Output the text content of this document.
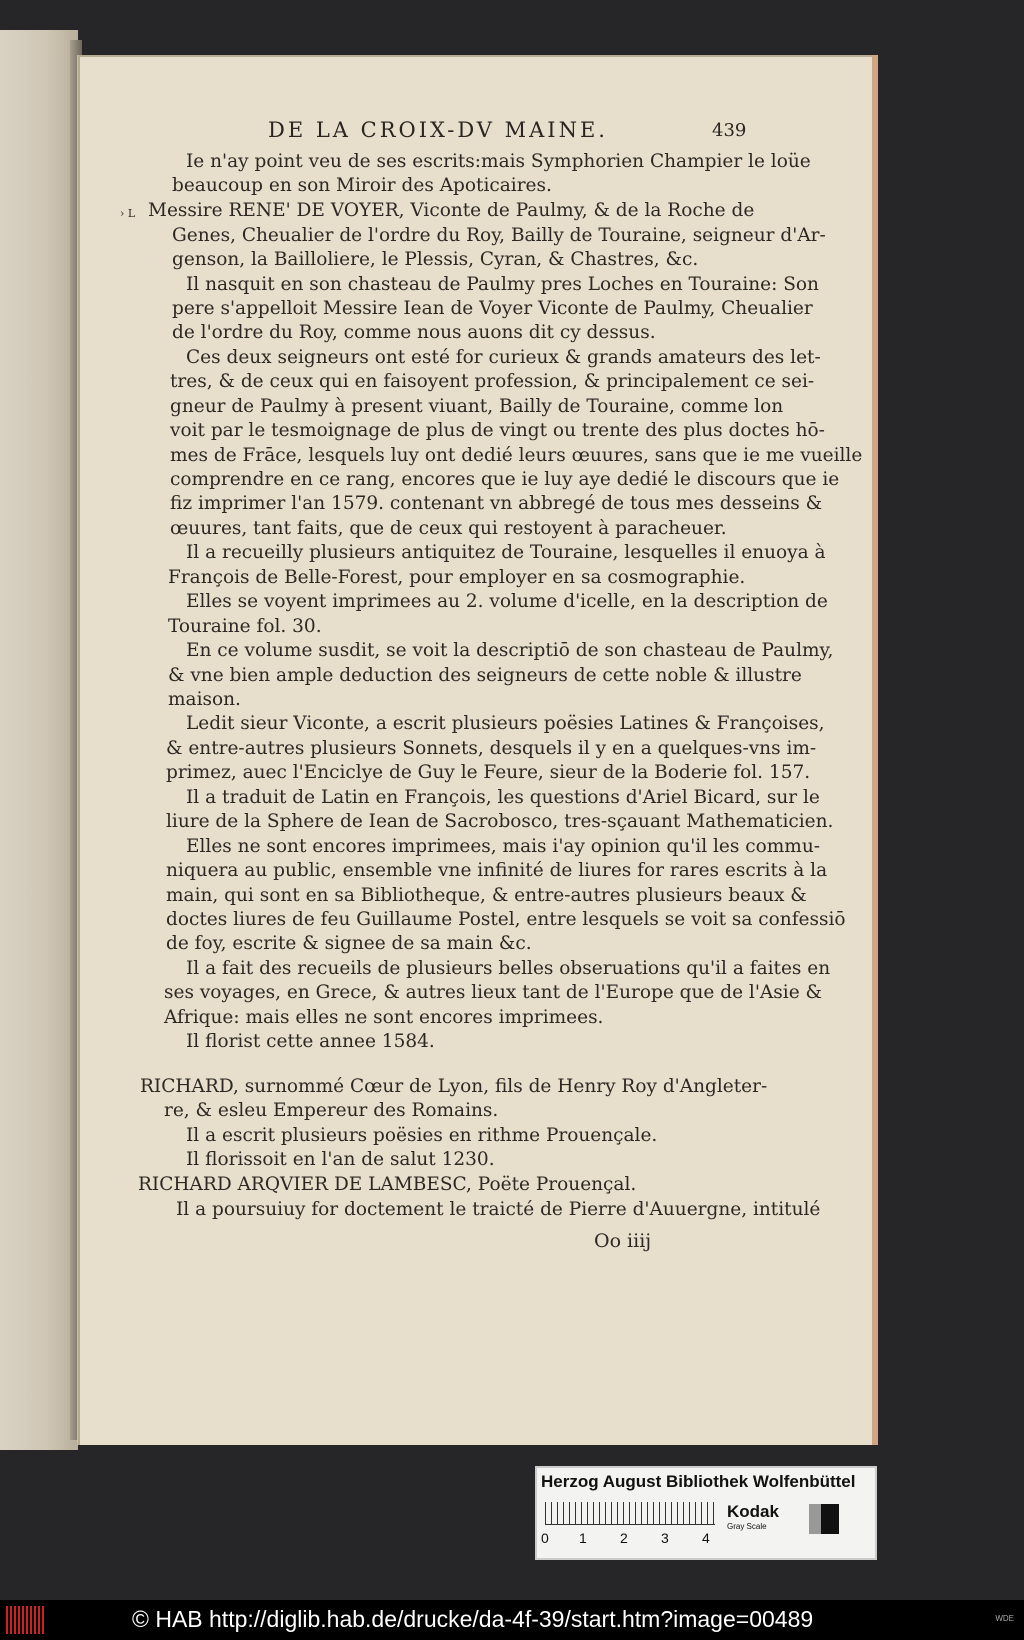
DE LA CROIX-DV MAINE.	439
› L
Ie n'ay point veu de ses escrits:mais Symphorien Champier le loüe
beaucoup en son Miroir des Apoticaires.
Messire RENE' DE VOYER, Viconte de Paulmy, & de la Roche de
Genes, Cheualier de l'ordre du Roy, Bailly de Touraine, seigneur d'Ar-
genson, la Bailloliere, le Plessis, Cyran, & Chastres, &c.
Il nasquit en son chasteau de Paulmy pres Loches en Touraine: Son
pere s'appelloit Messire Iean de Voyer Viconte de Paulmy, Cheualier
de l'ordre du Roy, comme nous auons dit cy dessus.
Ces deux seigneurs ont esté for curieux & grands amateurs des let-
tres, & de ceux qui en faisoyent profession, & principalement ce sei-
gneur de Paulmy à present viuant, Bailly de Touraine, comme lon
voit par le tesmoignage de plus de vingt ou trente des plus doctes hō-
mes de Frāce, lesquels luy ont dedié leurs œuures, sans que ie me vueille
comprendre en ce rang, encores que ie luy aye dedié le discours que ie
fiz imprimer l'an 1579. contenant vn abbregé de tous mes desseins &
œuures, tant faits, que de ceux qui restoyent à paracheuer.
Il a recueilly plusieurs antiquitez de Touraine, lesquelles il enuoya à
François de Belle-Forest, pour employer en sa cosmographie.
Elles se voyent imprimees au 2. volume d'icelle, en la description de
Touraine fol. 30.
En ce volume susdit, se voit la descriptiō de son chasteau de Paulmy,
& vne bien ample deduction des seigneurs de cette noble & illustre
maison.
Ledit sieur Viconte, a escrit plusieurs poësies Latines & Françoises,
& entre-autres plusieurs Sonnets, desquels il y en a quelques-vns im-
primez, auec l'Enciclye de Guy le Feure, sieur de la Boderie fol. 157.
Il a traduit de Latin en François, les questions d'Ariel Bicard, sur le
liure de la Sphere de Iean de Sacrobosco, tres-sçauant Mathematicien.
Elles ne sont encores imprimees, mais i'ay opinion qu'il les commu-
niquera au public, ensemble vne infinité de liures for rares escrits à la
main, qui sont en sa Bibliotheque, & entre-autres plusieurs beaux &
doctes liures de feu Guillaume Postel, entre lesquels se voit sa confessiō
de foy, escrite & signee de sa main &c.
Il a fait des recueils de plusieurs belles obseruations qu'il a faites en
ses voyages, en Grece, & autres lieux tant de l'Europe que de l'Asie &
Afrique: mais elles ne sont encores imprimees.
Il florist cette annee 1584.
RICHARD, surnommé Cœur de Lyon, fils de Henry Roy d'Angleter-
re, & esleu Empereur des Romains.
Il a escrit plusieurs poësies en rithme Prouençale.
Il florissoit en l'an de salut 1230.
RICHARD ARQVIER DE LAMBESC, Poëte Prouençal.
Il a poursuiuy for doctement le traicté de Pierre d'Auuergne, intitulé
Oo iiij
Herzog August Bibliothek Wolfenbüttel
0 1 2 3 4
Kodak
Gray Scale
© HAB http://diglib.hab.de/drucke/da-4f-39/start.htm?image=00489	WDE
